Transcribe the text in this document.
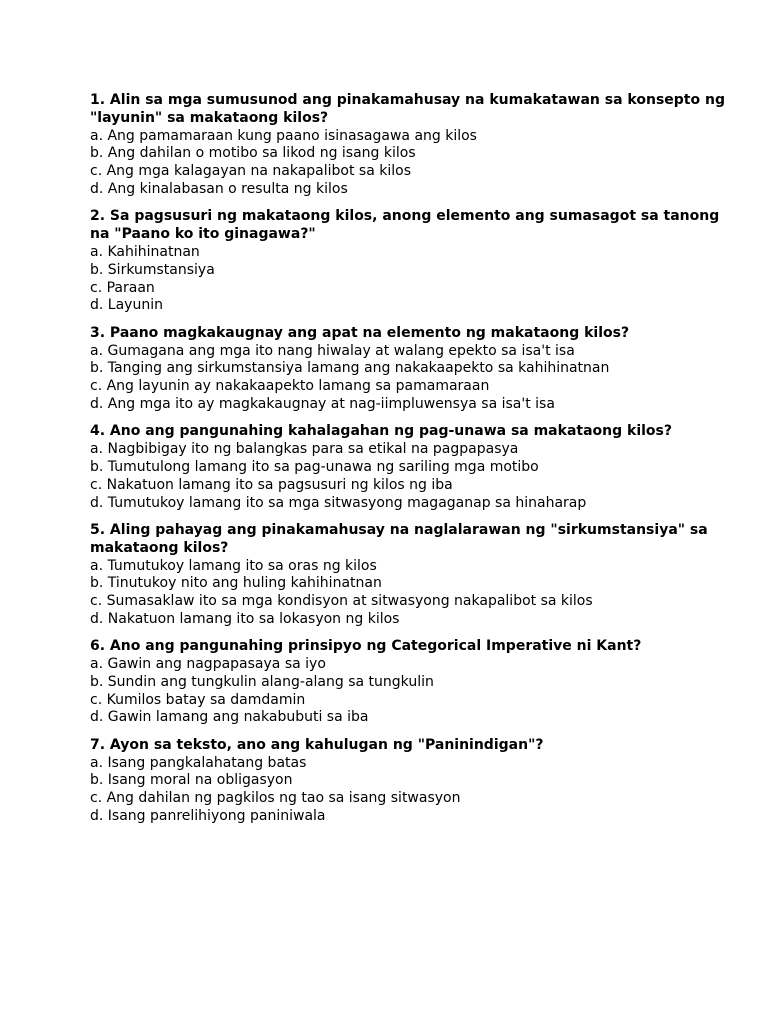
1. Alin sa mga sumusunod ang pinakamahusay na kumakatawan sa konsepto ng "layunin" sa makataong kilos?

a. Ang pamamaraan kung paano isinasagawa ang kilos
b. Ang dahilan o motibo sa likod ng isang kilos
c. Ang mga kalagayan na nakapalibot sa kilos
d. Ang kinalabasan o resulta ng kilos

2. Sa pagsusuri ng makataong kilos, anong elemento ang sumasagot sa tanong na "Paano ko ito ginagawa?"

a. Kahihinatnan
b. Sirkumstansiya
c. Paraan
d. Layunin

3. Paano magkakaugnay ang apat na elemento ng makataong kilos?

a. Gumagana ang mga ito nang hiwalay at walang epekto sa isa't isa
b. Tanging ang sirkumstansiya lamang ang nakakaapekto sa kahihinatnan
c. Ang layunin ay nakakaapekto lamang sa pamamaraan
d. Ang mga ito ay magkakaugnay at nag-iimpluwensya sa isa't isa

4. Ano ang pangunahing kahalagahan ng pag-unawa sa makataong kilos?

a. Nagbibigay ito ng balangkas para sa etikal na pagpapasya
b. Tumutulong lamang ito sa pag-unawa ng sariling mga motibo
c. Nakatuon lamang ito sa pagsusuri ng kilos ng iba
d. Tumutukoy lamang ito sa mga sitwasyong magaganap sa hinaharap

5. Aling pahayag ang pinakamahusay na naglalarawan ng "sirkumstansiya" sa makataong kilos?

a. Tumutukoy lamang ito sa oras ng kilos
b. Tinutukoy nito ang huling kahihinatnan
c. Sumasaklaw ito sa mga kondisyon at sitwasyong nakapalibot sa kilos
d. Nakatuon lamang ito sa lokasyon ng kilos

6. Ano ang pangunahing prinsipyo ng Categorical Imperative ni Kant?

a. Gawin ang nagpapasaya sa iyo
b. Sundin ang tungkulin alang-alang sa tungkulin
c. Kumilos batay sa damdamin
d. Gawin lamang ang nakabubuti sa iba

7. Ayon sa teksto, ano ang kahulugan ng "Paninindigan"?

a. Isang pangkalahatang batas
b. Isang moral na obligasyon
c. Ang dahilan ng pagkilos ng tao sa isang sitwasyon
d. Isang panrelihiyong paniniwala
